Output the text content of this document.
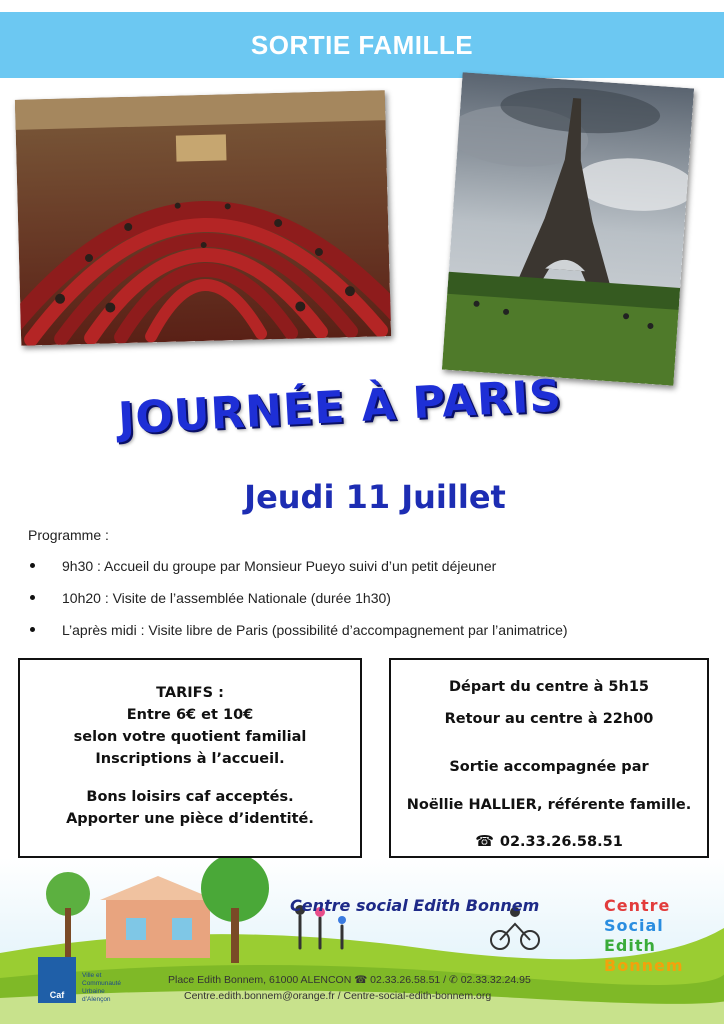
SORTIE FAMILLE
JOURNÉE À PARIS
Jeudi 11 Juillet
Programme :
9h30 : Accueil du groupe par Monsieur Pueyo suivi d’un petit déjeuner
10h20 : Visite de l’assemblée Nationale (durée 1h30)
L’après midi : Visite libre de Paris (possibilité d’accompagnement par l’animatrice)

TARIFS :

Entre 6€ et 10€

selon votre quotient familial

Inscriptions à l’accueil.

Bons loisirs caf acceptés.

Apporter une pièce d’identité.

Départ du centre à 5h15

Retour au centre à 22h00

Sortie accompagnée par

Noëllie HALLIER, référente famille.

☎ 02.33.26.58.51

Caf
Ville et
Communauté
Urbaine
d’Alençon
Centre social Edith Bonnem
Place Edith Bonnem, 61000 ALENCON ☎ 02.33.26.58.51 / ✆ 02.33.32.24.95
Centre.edith.bonnem@orange.fr / Centre-social-edith-bonnem.org
Centre
Social
Edith
Bonnem
